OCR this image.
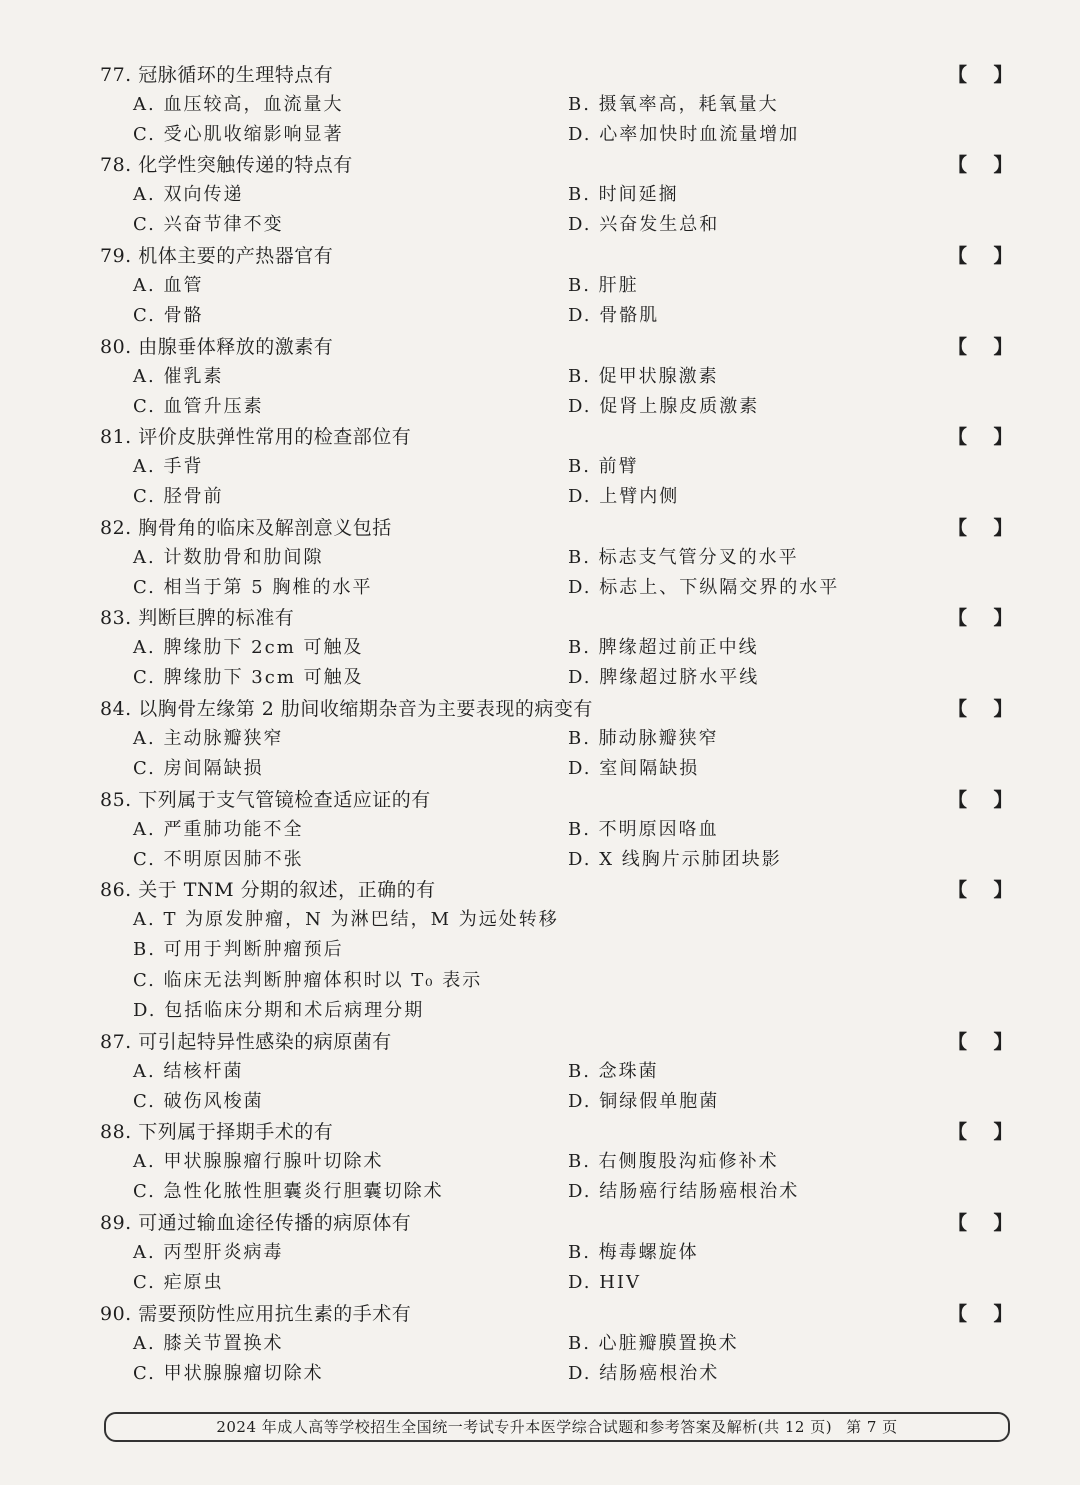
77. 冠脉循环的生理特点有	【    】
A. 血压较高，血流量大	B. 摄氧率高，耗氧量大
C. 受心肌收缩影响显著	D. 心率加快时血流量增加
78. 化学性突触传递的特点有	【    】
A. 双向传递	B. 时间延搁
C. 兴奋节律不变	D. 兴奋发生总和
79. 机体主要的产热器官有	【    】
A. 血管	B. 肝脏
C. 骨骼	D. 骨骼肌
80. 由腺垂体释放的激素有	【    】
A. 催乳素	B. 促甲状腺激素
C. 血管升压素	D. 促肾上腺皮质激素
81. 评价皮肤弹性常用的检查部位有	【    】
A. 手背	B. 前臂
C. 胫骨前	D. 上臂内侧
82. 胸骨角的临床及解剖意义包括	【    】
A. 计数肋骨和肋间隙	B. 标志支气管分叉的水平
C. 相当于第 5 胸椎的水平	D. 标志上、下纵隔交界的水平
83. 判断巨脾的标准有	【    】
A. 脾缘肋下 2cm 可触及	B. 脾缘超过前正中线
C. 脾缘肋下 3cm 可触及	D. 脾缘超过脐水平线
84. 以胸骨左缘第 2 肋间收缩期杂音为主要表现的病变有	【    】
A. 主动脉瓣狭窄	B. 肺动脉瓣狭窄
C. 房间隔缺损	D. 室间隔缺损
85. 下列属于支气管镜检查适应证的有	【    】
A. 严重肺功能不全	B. 不明原因咯血
C. 不明原因肺不张	D. X 线胸片示肺团块影
86. 关于 TNM 分期的叙述，正确的有	【    】
A. T 为原发肿瘤，N 为淋巴结，M 为远处转移
B. 可用于判断肿瘤预后
C. 临床无法判断肿瘤体积时以 T₀ 表示
D. 包括临床分期和术后病理分期
87. 可引起特异性感染的病原菌有	【    】
A. 结核杆菌	B. 念珠菌
C. 破伤风梭菌	D. 铜绿假单胞菌
88. 下列属于择期手术的有	【    】
A. 甲状腺腺瘤行腺叶切除术	B. 右侧腹股沟疝修补术
C. 急性化脓性胆囊炎行胆囊切除术	D. 结肠癌行结肠癌根治术
89. 可通过输血途径传播的病原体有	【    】
A. 丙型肝炎病毒	B. 梅毒螺旋体
C. 疟原虫	D. HIV
90. 需要预防性应用抗生素的手术有	【    】
A. 膝关节置换术	B. 心脏瓣膜置换术
C. 甲状腺腺瘤切除术	D. 结肠癌根治术
2024 年成人高等学校招生全国统一考试专升本医学综合试题和参考答案及解析(共 12 页) 第 7 页
